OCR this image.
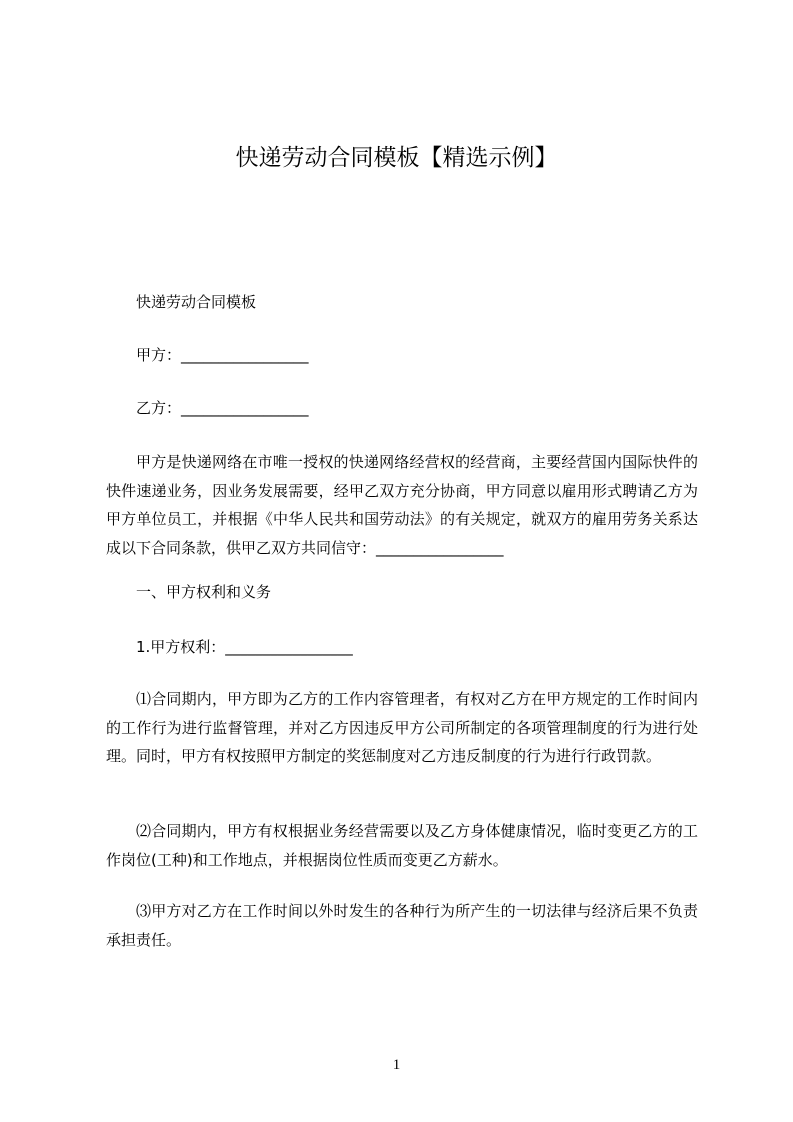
快递劳动合同模板【精选示例】
快递劳动合同模板
甲方：_________________
乙方：_________________
甲方是快递网络在市唯一授权的快递网络经营权的经营商，主要经营国内国际快件的快件速递业务，因业务发展需要，经甲乙双方充分协商，甲方同意以雇用形式聘请乙方为甲方单位员工，并根据《中华人民共和国劳动法》的有关规定，就双方的雇用劳务关系达成以下合同条款，供甲乙双方共同信守：_________________
一、甲方权利和义务
1.甲方权利：_________________
⑴合同期内，甲方即为乙方的工作内容管理者，有权对乙方在甲方规定的工作时间内的工作行为进行监督管理，并对乙方因违反甲方公司所制定的各项管理制度的行为进行处理。同时，甲方有权按照甲方制定的奖惩制度对乙方违反制度的行为进行行政罚款。
⑵合同期内，甲方有权根据业务经营需要以及乙方身体健康情况，临时变更乙方的工作岗位(工种)和工作地点，并根据岗位性质而变更乙方薪水。
⑶甲方对乙方在工作时间以外时发生的各种行为所产生的一切法律与经济后果不负责承担责任。
1
